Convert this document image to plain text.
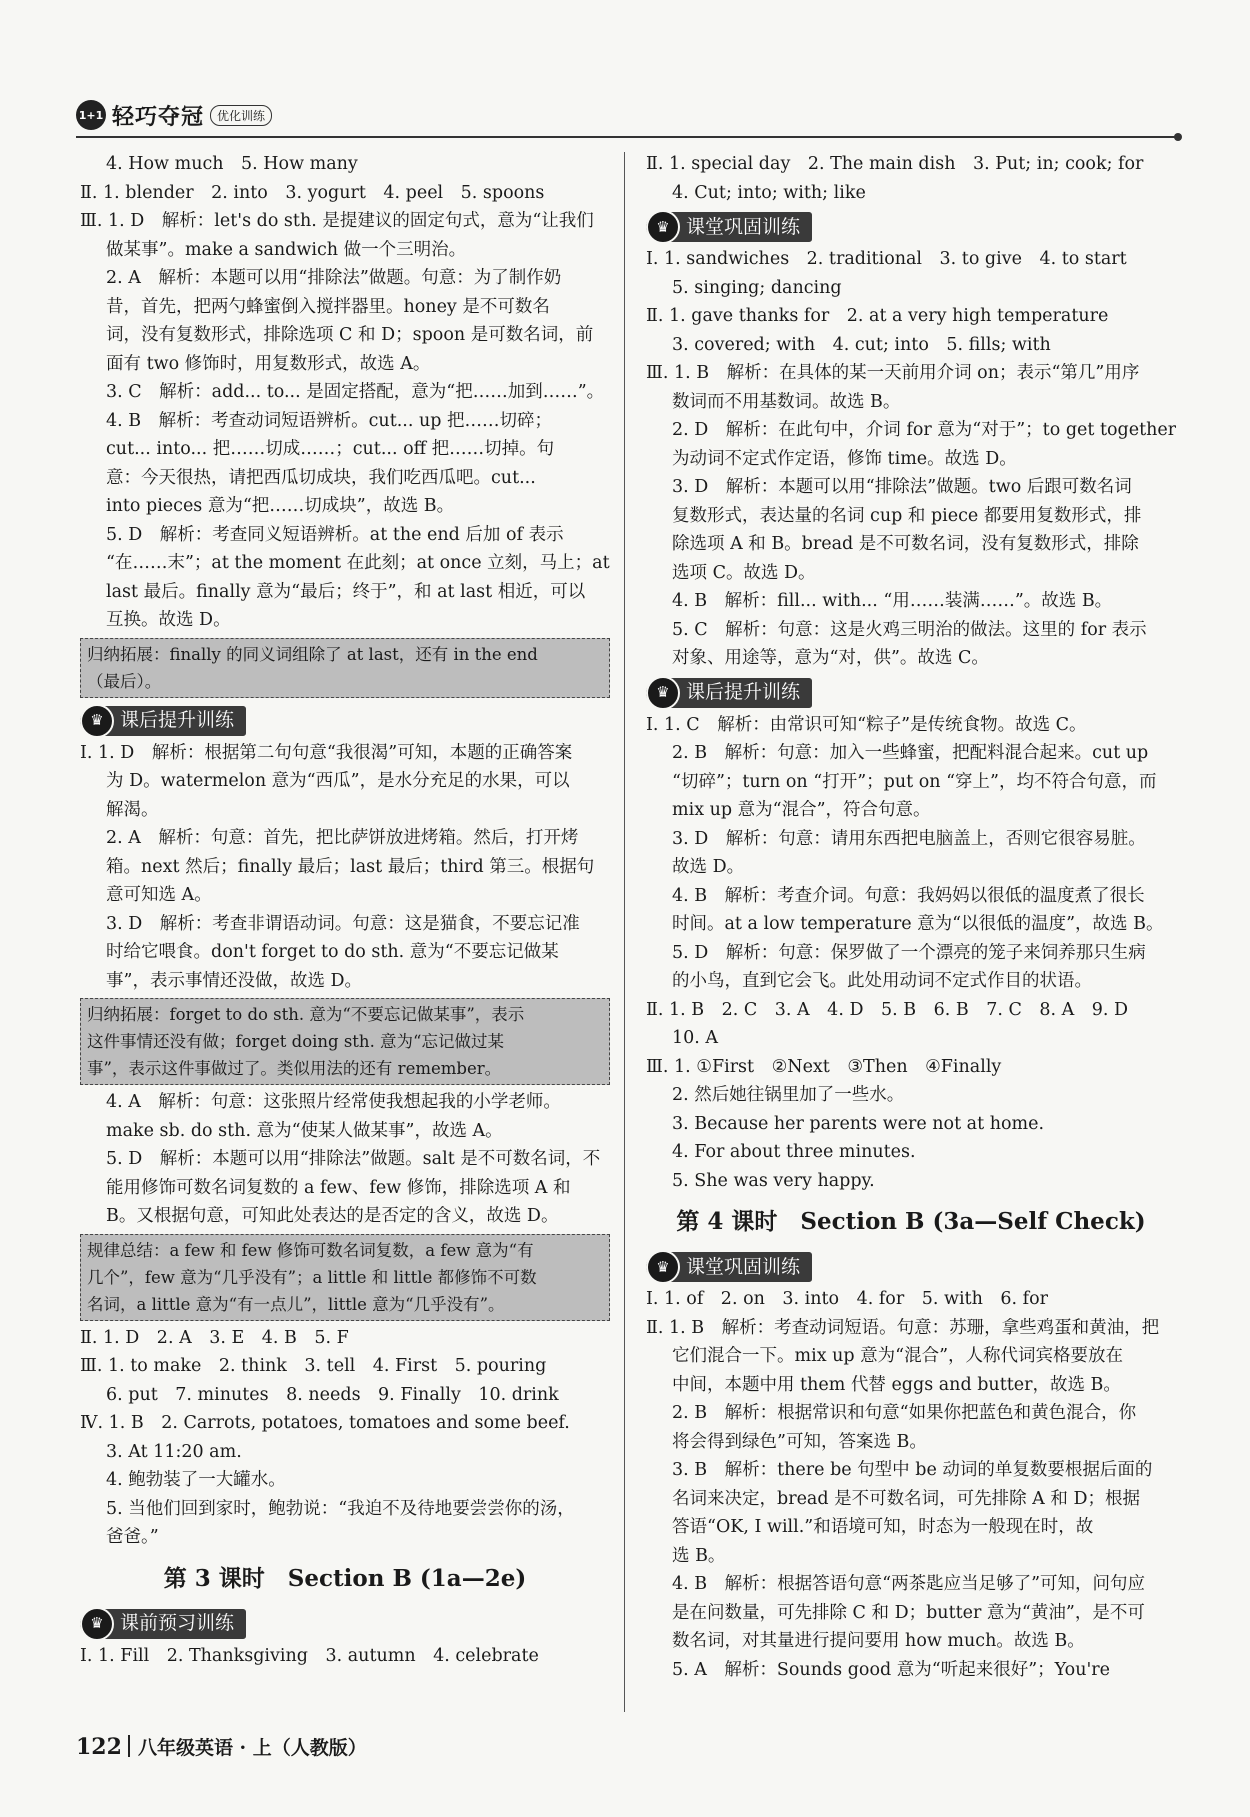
1+1 轻巧夺冠	优化训练
4. How much　5. How many
Ⅱ. 1. blender　2. into　3. yogurt　4. peel　5. spoons
Ⅲ. 1. D　解析：let's do sth. 是提建议的固定句式，意为“让我们
做某事”。make a sandwich 做一个三明治。
2. A　解析：本题可以用“排除法”做题。句意：为了制作奶
昔，首先，把两勺蜂蜜倒入搅拌器里。honey 是不可数名
词，没有复数形式，排除选项 C 和 D；spoon 是可数名词，前
面有 two 修饰时，用复数形式，故选 A。
3. C　解析：add... to... 是固定搭配，意为“把……加到……”。
4. B　解析：考查动词短语辨析。cut... up 把……切碎；
cut... into... 把……切成……；cut... off 把……切掉。句
意：今天很热，请把西瓜切成块，我们吃西瓜吧。cut...
into pieces 意为“把……切成块”，故选 B。
5. D　解析：考查同义短语辨析。at the end 后加 of 表示
“在……末”；at the moment 在此刻；at once 立刻，马上；at
last 最后。finally 意为“最后；终于”，和 at last 相近，可以
互换。故选 D。
归纳拓展：finally 的同义词组除了 at last，还有 in the end
（最后）。
♛ 课后提升训练
Ⅰ. 1. D　解析：根据第二句句意“我很渴”可知，本题的正确答案
为 D。watermelon 意为“西瓜”，是水分充足的水果，可以
解渴。
2. A　解析：句意：首先，把比萨饼放进烤箱。然后，打开烤
箱。next 然后；finally 最后；last 最后；third 第三。根据句
意可知选 A。
3. D　解析：考查非谓语动词。句意：这是猫食，不要忘记准
时给它喂食。don't forget to do sth. 意为“不要忘记做某
事”，表示事情还没做，故选 D。
归纳拓展：forget to do sth. 意为“不要忘记做某事”，表示
这件事情还没有做；forget doing sth. 意为“忘记做过某
事”，表示这件事做过了。类似用法的还有 remember。
4. A　解析：句意：这张照片经常使我想起我的小学老师。
make sb. do sth. 意为“使某人做某事”，故选 A。
5. D　解析：本题可以用“排除法”做题。salt 是不可数名词，不
能用修饰可数名词复数的 a few、few 修饰，排除选项 A 和
B。又根据句意，可知此处表达的是否定的含义，故选 D。
规律总结：a few 和 few 修饰可数名词复数，a few 意为“有
几个”，few 意为“几乎没有”；a little 和 little 都修饰不可数
名词，a little 意为“有一点儿”，little 意为“几乎没有”。
Ⅱ. 1. D　2. A　3. E　4. B　5. F
Ⅲ. 1. to make　2. think　3. tell　4. First　5. pouring
6. put　7. minutes　8. needs　9. Finally　10. drink
Ⅳ. 1. B　2. Carrots, potatoes, tomatoes and some beef.
3. At 11:20 am.
4. 鲍勃装了一大罐水。
5. 当他们回到家时，鲍勃说：“我迫不及待地要尝尝你的汤，
爸爸。”
第 3 课时　Section B (1a—2e)
♛ 课前预习训练
Ⅰ. 1. Fill　2. Thanksgiving　3. autumn　4. celebrate
Ⅱ. 1. special day　2. The main dish　3. Put; in; cook; for
4. Cut; into; with; like
♛ 课堂巩固训练
Ⅰ. 1. sandwiches　2. traditional　3. to give　4. to start
5. singing; dancing
Ⅱ. 1. gave thanks for　2. at a very high temperature
3. covered; with　4. cut; into　5. fills; with
Ⅲ. 1. B　解析：在具体的某一天前用介词 on；表示“第几”用序
数词而不用基数词。故选 B。
2. D　解析：在此句中，介词 for 意为“对于”；to get together
为动词不定式作定语，修饰 time。故选 D。
3. D　解析：本题可以用“排除法”做题。two 后跟可数名词
复数形式，表达量的名词 cup 和 piece 都要用复数形式，排
除选项 A 和 B。bread 是不可数名词，没有复数形式，排除
选项 C。故选 D。
4. B　解析：fill... with... “用……装满……”。故选 B。
5. C　解析：句意：这是火鸡三明治的做法。这里的 for 表示
对象、用途等，意为“对，供”。故选 C。
♛ 课后提升训练
Ⅰ. 1. C　解析：由常识可知“粽子”是传统食物。故选 C。
2. B　解析：句意：加入一些蜂蜜，把配料混合起来。cut up
“切碎”；turn on “打开”；put on “穿上”，均不符合句意，而
mix up 意为“混合”，符合句意。
3. D　解析：句意：请用东西把电脑盖上，否则它很容易脏。
故选 D。
4. B　解析：考查介词。句意：我妈妈以很低的温度煮了很长
时间。at a low temperature 意为“以很低的温度”，故选 B。
5. D　解析：句意：保罗做了一个漂亮的笼子来饲养那只生病
的小鸟，直到它会飞。此处用动词不定式作目的状语。
Ⅱ. 1. B　2. C　3. A　4. D　5. B　6. B　7. C　8. A　9. D
10. A
Ⅲ. 1. ①First　②Next　③Then　④Finally
2. 然后她往锅里加了一些水。
3. Because her parents were not at home.
4. For about three minutes.
5. She was very happy.
第 4 课时　Section B (3a—Self Check)
♛ 课堂巩固训练
Ⅰ. 1. of　2. on　3. into　4. for　5. with　6. for
Ⅱ. 1. B　解析：考查动词短语。句意：苏珊，拿些鸡蛋和黄油，把
它们混合一下。mix up 意为“混合”，人称代词宾格要放在
中间，本题中用 them 代替 eggs and butter，故选 B。
2. B　解析：根据常识和句意“如果你把蓝色和黄色混合，你
将会得到绿色”可知，答案选 B。
3. B　解析：there be 句型中 be 动词的单复数要根据后面的
名词来决定，bread 是不可数名词，可先排除 A 和 D；根据
答语“OK, I will.”和语境可知，时态为一般现在时，故
选 B。
4. B　解析：根据答语句意“两茶匙应当足够了”可知，问句应
是在问数量，可先排除 C 和 D；butter 意为“黄油”，是不可
数名词，对其量进行提问要用 how much。故选 B。
5. A　解析：Sounds good 意为“听起来很好”；You're
122 八年级英语 · 上（人教版）
